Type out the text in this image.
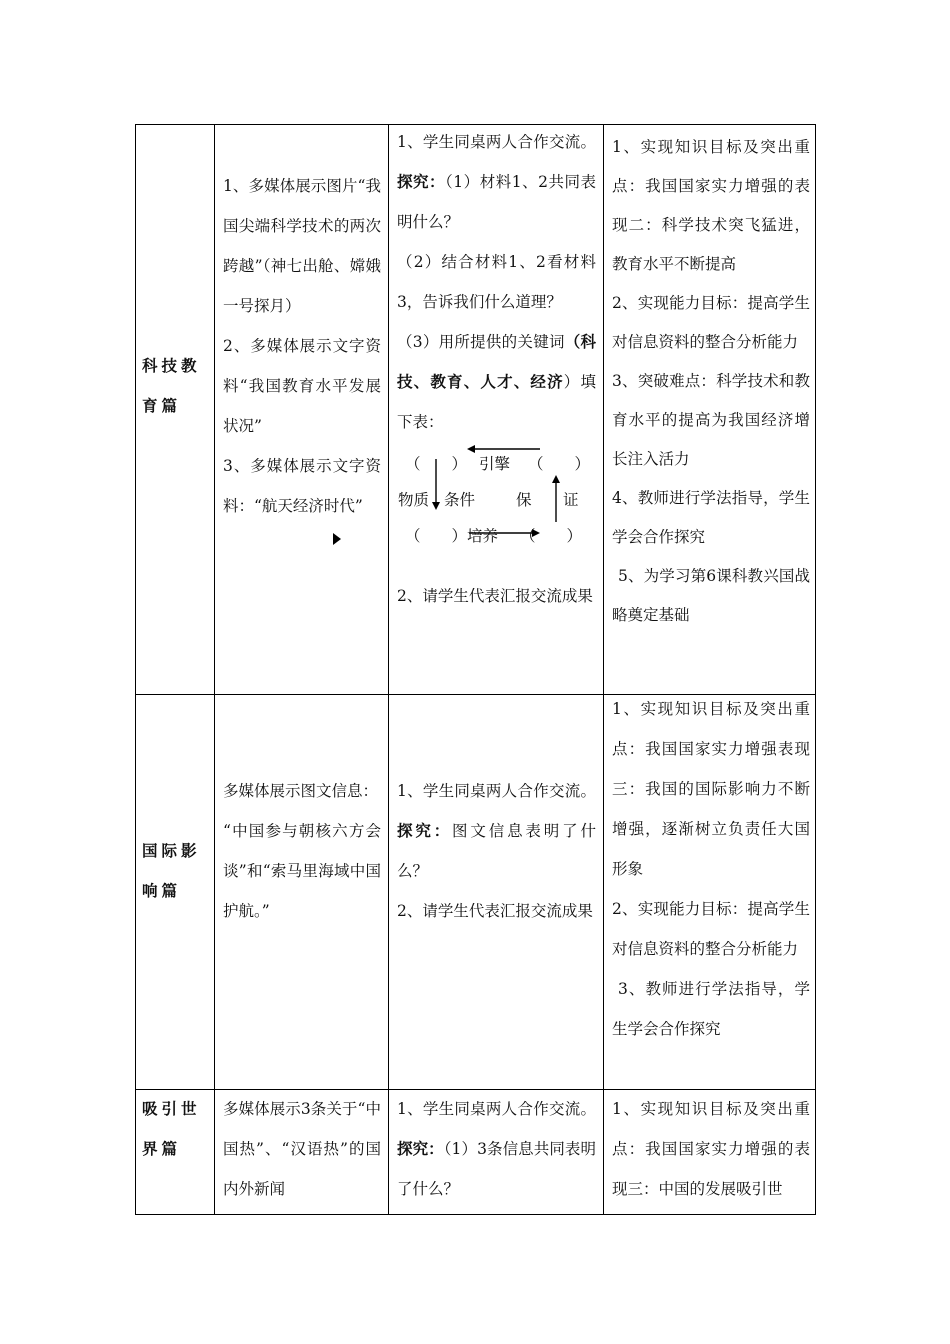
科技教
育篇

1、多媒体展示图片“我国尖端科学技术的两次跨越”（神七出舱、嫦娥一号探月）

2、多媒体展示文字资料“我国教育水平发展状况”

3、多媒体展示文字资料：“航天经济时代”

1、学生同桌两人合作交流。探究：（1）材料1、2共同表明什么？

（2）结合材料1、2看材料3，告诉我们什么道理？

（3）用所提供的关键词（科技、教育、人才、经济）填下表：

（　　） 引擎 （　　）
物质 条件	保 证
（　　） 培养 （　　）

2、请学生代表汇报交流成果

1、实现知识目标及突出重点：我国国家实力增强的表现二：科学技术突飞猛进，教育水平不断提高

2、实现能力目标：提高学生对信息资料的整合分析能力

3、突破难点：科学技术和教育水平的提高为我国经济增长注入活力

4、教师进行学法指导，学生学会合作探究

5、为学习第6课科教兴国战略奠定基础

国际影
响篇

多媒体展示图文信息：

“中国参与朝核六方会谈”和“索马里海域中国护航。”

1、学生同桌两人合作交流。探究：图文信息表明了什么？

2、请学生代表汇报交流成果

1、实现知识目标及突出重点：我国国家实力增强表现三：我国的国际影响力不断增强，逐渐树立负责任大国形象

2、实现能力目标：提高学生对信息资料的整合分析能力

3、教师进行学法指导，学生学会合作探究

吸引世
界篇

多媒体展示3条关于“中国热”、“汉语热”的国内外新闻

1、学生同桌两人合作交流。探究：（1）3条信息共同表明了什么？

1、实现知识目标及突出重点：我国国家实力增强的表现三：中国的发展吸引世
